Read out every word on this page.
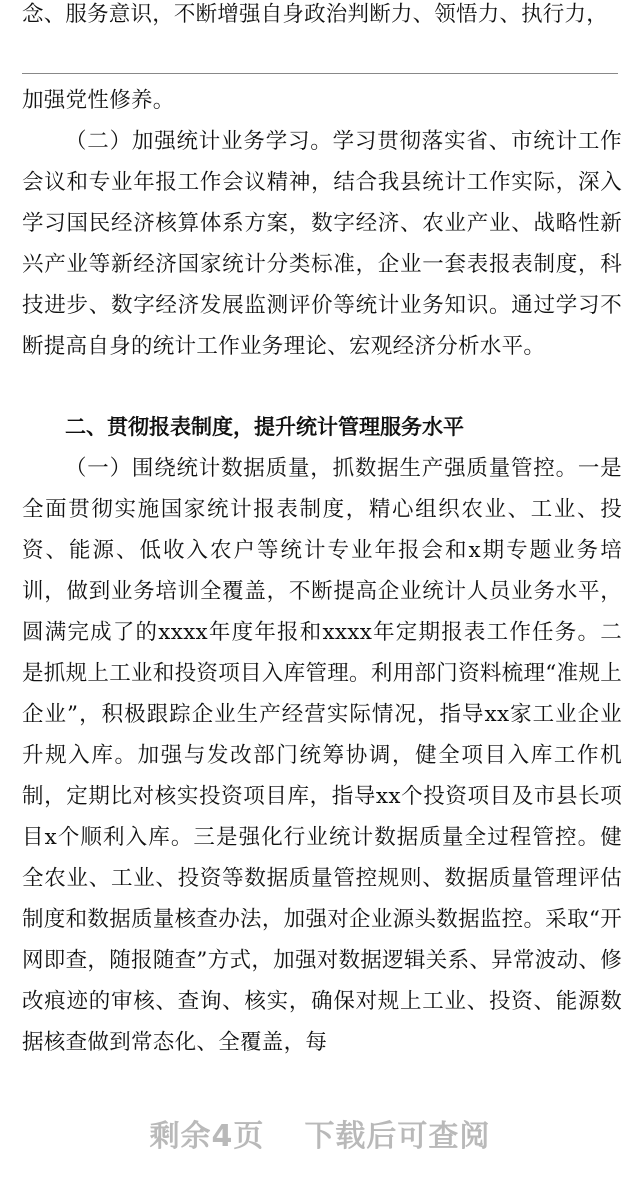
念、服务意识，不断增强自身政治判断力、领悟力、执行力，
加强党性修养。
（二）加强统计业务学习。学习贯彻落实省、市统计工作会议和专业年报工作会议精神，结合我县统计工作实际，深入学习国民经济核算体系方案，数字经济、农业产业、战略性新兴产业等新经济国家统计分类标准，企业一套表报表制度，科技进步、数字经济发展监测评价等统计业务知识。通过学习不断提高自身的统计工作业务理论、宏观经济分析水平。
二、贯彻报表制度，提升统计管理服务水平
（一）围绕统计数据质量，抓数据生产强质量管控。一是全面贯彻实施国家统计报表制度，精心组织农业、工业、投资、能源、低收入农户等统计专业年报会和x期专题业务培训，做到业务培训全覆盖，不断提高企业统计人员业务水平，圆满完成了的xxxx年度年报和xxxx年定期报表工作任务。二是抓规上工业和投资项目入库管理。利用部门资料梳理“准规上企业”，积极跟踪企业生产经营实际情况，指导xx家工业企业升规入库。加强与发改部门统筹协调，健全项目入库工作机制，定期比对核实投资项目库，指导xx个投资项目及市县长项目x个顺利入库。三是强化行业统计数据质量全过程管控。健全农业、工业、投资等数据质量管控规则、数据质量管理评估制度和数据质量核查办法，加强对企业源头数据监控。采取“开网即查，随报随查”方式，加强对数据逻辑关系、异常波动、修改痕迹的审核、查询、核实，确保对规上工业、投资、能源数据核查做到常态化、全覆盖，每
剩余4页 下载后可查阅
